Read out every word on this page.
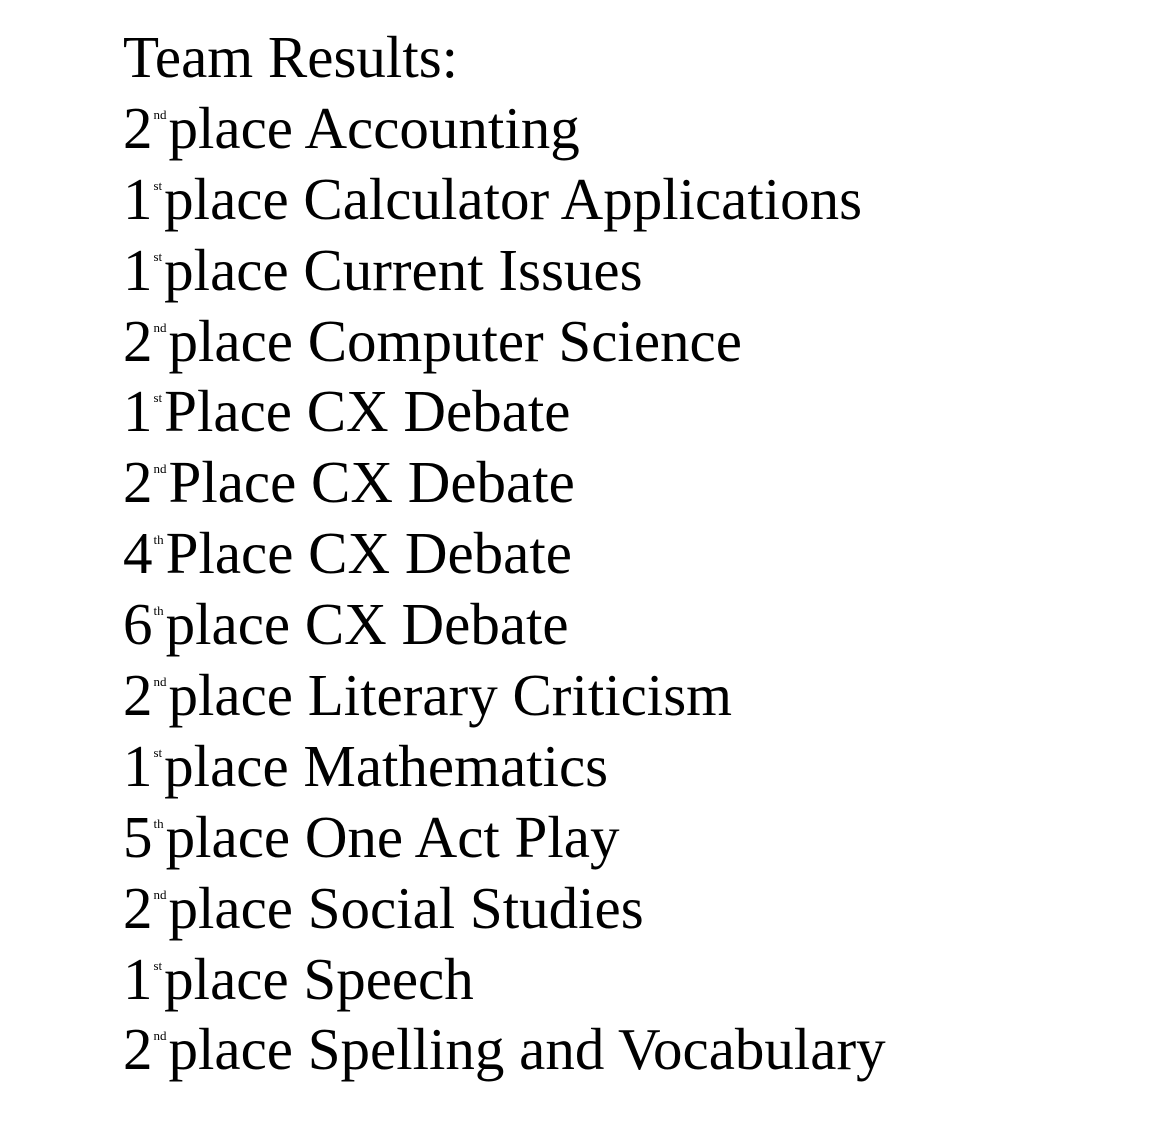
Team Results:
2ndplace Accounting
1stplace Calculator Applications
1stplace Current Issues
2ndplace Computer Science
1stPlace CX Debate
2ndPlace CX Debate
4thPlace CX Debate
6thplace CX Debate
2ndplace Literary Criticism
1stplace Mathematics
5thplace One Act Play
2ndplace Social Studies
1stplace Speech
2ndplace Spelling and Vocabulary
